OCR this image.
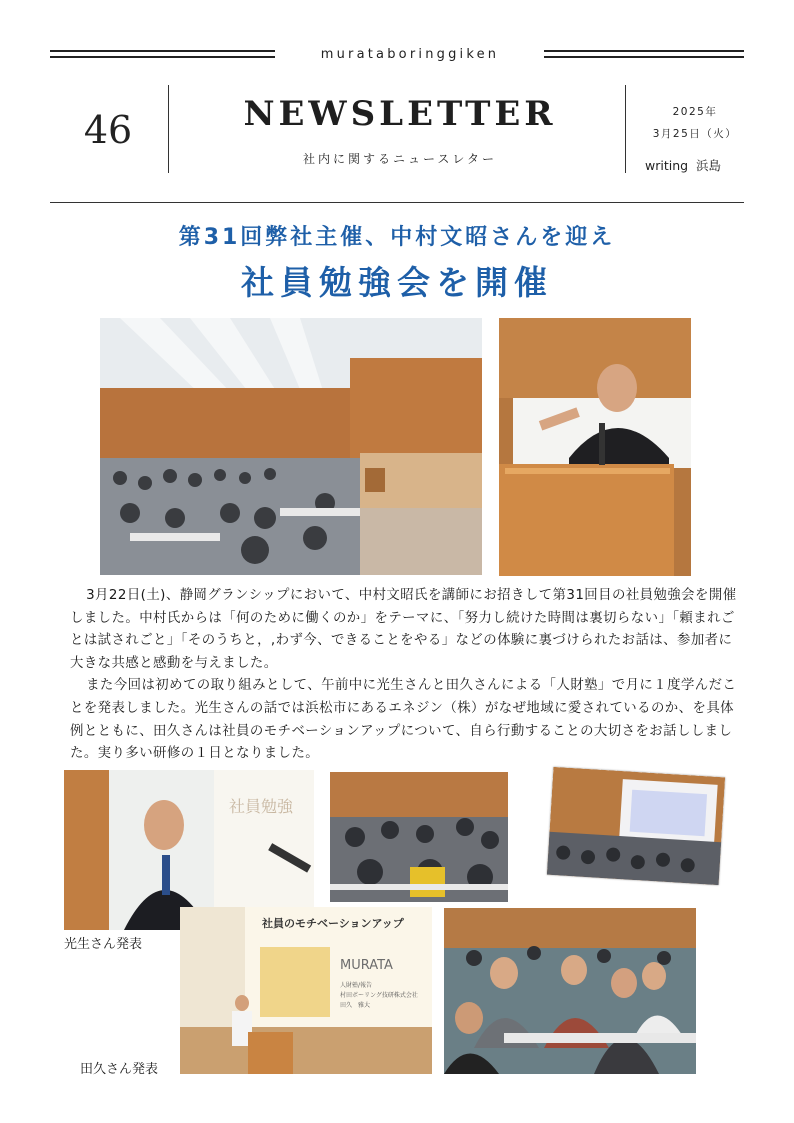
murataboringgiken
46	NEWSLETTER
社内に関するニュースレター
2025年
3月25日（火）
writing 浜島
第31回弊社主催、中村文昭さんを迎え
社員勉強会を開催

3月22日(土)、静岡グランシップにおいて、中村文昭氏を講師にお招きして第31回目の社員勉強会を開催しました。中村氏からは「何のために働くのか」をテーマに、「努力し続けた時間は裏切らない」「頼まれごとは試されごと」「そのうちと，,わず今、できることをやる」などの体験に裏づけられたお話は、参加者に大きな共感と感動を与えました。

また今回は初めての取り組みとして、午前中に光生さんと田久さんによる「人財塾」で月に１度学んだことを発表しました。光生さんの話では浜松市にあるエネジン（株）がなぜ地域に愛されているのか、を具体例とともに、田久さんは社員のモチベーションアップについて、自ら行動することの大切さをお話ししました。実り多い研修の１日となりました。

社員勉強
光生さん発表
社員のモチベーションアップ
MURATA
人財塾/報告
村田ボーリング技研株式会社
田久　雅大
田久さん発表
